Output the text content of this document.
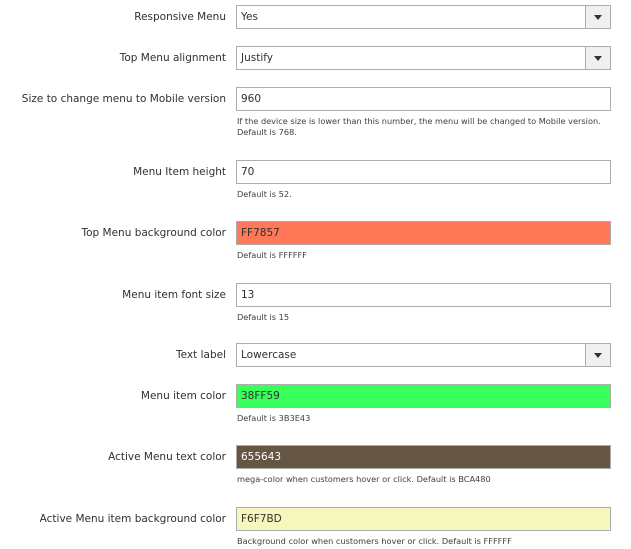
Responsive Menu	Yes
Top Menu alignment	Justify
Size to change menu to Mobile version	960
If the device size is lower than this number, the menu will be changed to Mobile version. Default is 768.
Menu Item height	70
Default is 52.
Top Menu background color	FF7857
Default is FFFFFF
Menu item font size	13
Default is 15
Text label	Lowercase
Menu item color	38FF59
Default is 3B3E43
Active Menu text color	655643
mega-color when customers hover or click. Default is BCA480
Active Menu item background color	F6F7BD
Background color when customers hover or click. Default is FFFFFF
